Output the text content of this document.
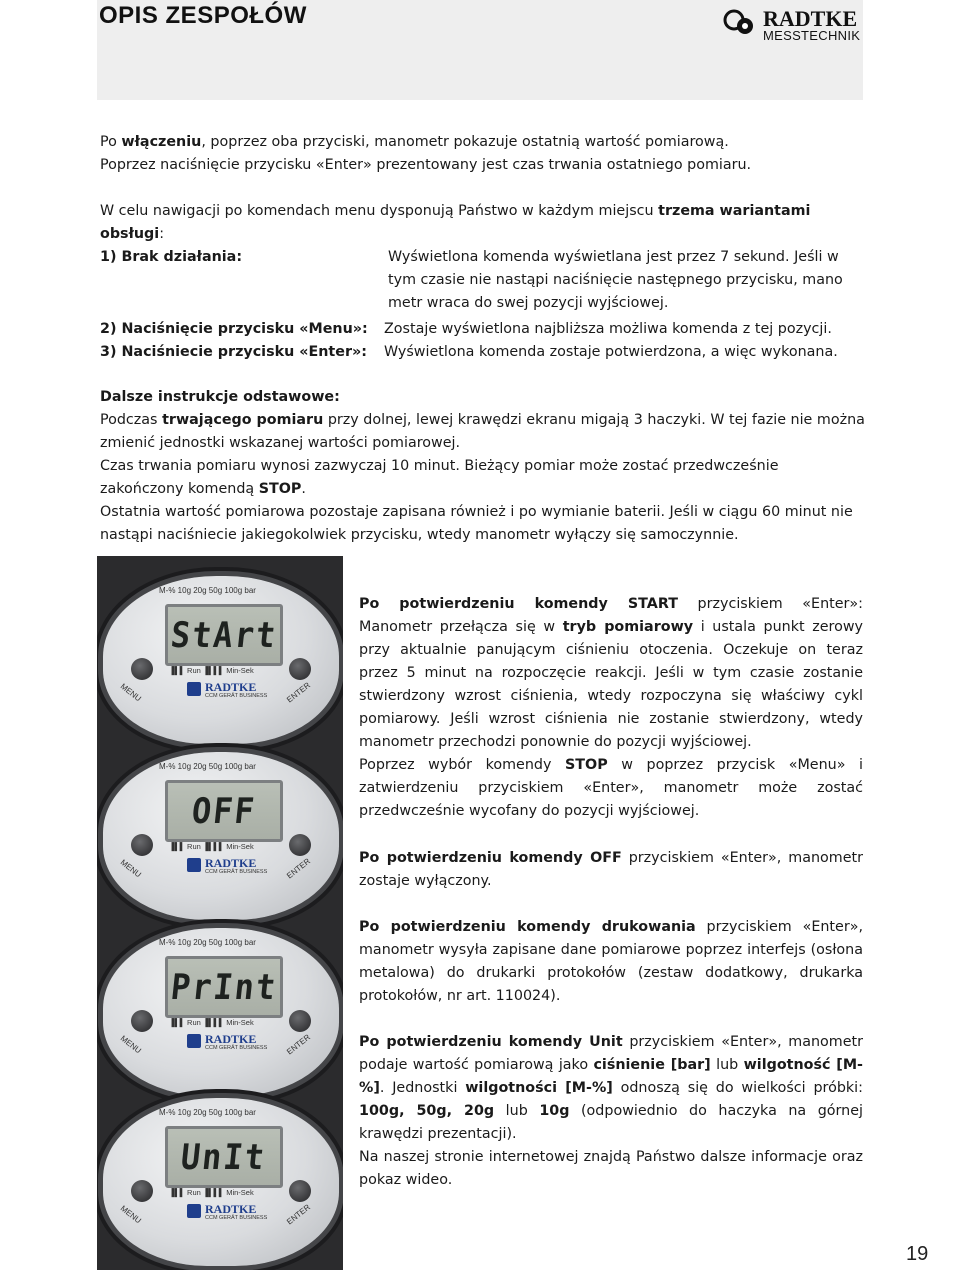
OPIS ZESPOŁÓW	RADTKE
MESSTECHNIK

Po włączeniu, poprzez oba przyciski, manometr pokazuje ostatnią wartość pomiarową.

Poprzez naciśnięcie przycisku «Enter» prezentowany jest czas trwania ostatniego pomiaru.

W celu nawigacji po komendach menu dysponują Państwo w każdym miejscu trzema wariantami obsługi:

1) Brak działania:	Wyświetlona komenda wyświetlana jest przez 7 sekund. Jeśli w tym czasie nie nastąpi naciśnięcie następnego przycisku, mano metr wraca do swej pozycji wyjściowej.
2) Naciśnięcie przycisku «Menu»: Zostaje wyświetlona najbliższa możliwa komenda z tej pozycji.
3) Naciśniecie przycisku «Enter»: Wyświetlona komenda zostaje potwierdzona, a więc wykonana.

Dalsze instrukcje odstawowe:

Podczas trwającego pomiaru przy dolnej, lewej krawędzi ekranu migają 3 haczyki. W tej fazie nie można zmienić jednostki wskazanej wartości pomiarowej.

Czas trwania pomiaru wynosi zazwyczaj 10 minut. Bieżący pomiar może zostać przedwcześnie zakończony komendą STOP.

Ostatnia wartość pomiarowa pozostaje zapisana również i po wymianie baterii. Jeśli w ciągu 60 minut nie nastąpi naciśniecie jakiegokolwiek przycisku, wtedy manometr wyłączy się samoczynnie.

M-% 10g 20g 50g 100g bar
StArt
▐▌▌ Run ▐▌▌▌ Min-Sek
MENU	ENTER
RADTKE
CCM GERÄT BUSINESS
M-% 10g 20g 50g 100g bar
OFF
▐▌▌ Run ▐▌▌▌ Min-Sek
MENU	ENTER
RADTKE
CCM GERÄT BUSINESS
M-% 10g 20g 50g 100g bar
PrInt
▐▌▌ Run ▐▌▌▌ Min-Sek
MENU	ENTER
RADTKE
CCM GERÄT BUSINESS
M-% 10g 20g 50g 100g bar
UnIt
▐▌▌ Run ▐▌▌▌ Min-Sek
MENU	ENTER
RADTKE
CCM GERÄT BUSINESS

Po potwierdzeniu komendy START przyciskiem «Enter»: Manometr przełącza się w tryb pomiarowy i ustala punkt zerowy przy aktualnie panującym ciśnieniu otoczenia. Oczekuje on teraz przez 5 minut na rozpoczęcie reakcji. Jeśli w tym czasie zostanie stwierdzony wzrost ciśnienia, wtedy rozpoczyna się właściwy cykl pomiarowy. Jeśli wzrost ciśnienia nie zostanie stwierdzony, wtedy manometr przechodzi ponownie do pozycji wyjściowej.

Poprzez wybór komendy STOP w poprzez przycisk «Menu» i zatwierdzeniu przyciskiem «Enter», manometr może zostać przedwcześnie wycofany do pozycji wyjściowej.

Po potwierdzeniu komendy OFF przyciskiem «Enter», manometr zostaje wyłączony.

Po potwierdzeniu komendy drukowania przyciskiem «Enter», manometr wysyła zapisane dane pomiarowe poprzez interfejs (osłona metalowa) do drukarki protokołów (zestaw dodatkowy, drukarka protokołów, nr art. 110024).

Po potwierdzeniu komendy Unit przyciskiem «Enter», manometr podaje wartość pomiarową jako ciśnienie [bar] lub wilgotność [M-%]. Jednostki wilgotności [M-%] odnoszą się do wielkości próbki: 100g, 50g, 20g lub 10g (odpowiednio do haczyka na górnej krawędzi prezentacji).

Na naszej stronie internetowej znajdą Państwo dalsze informacje oraz pokaz wideo.

19
